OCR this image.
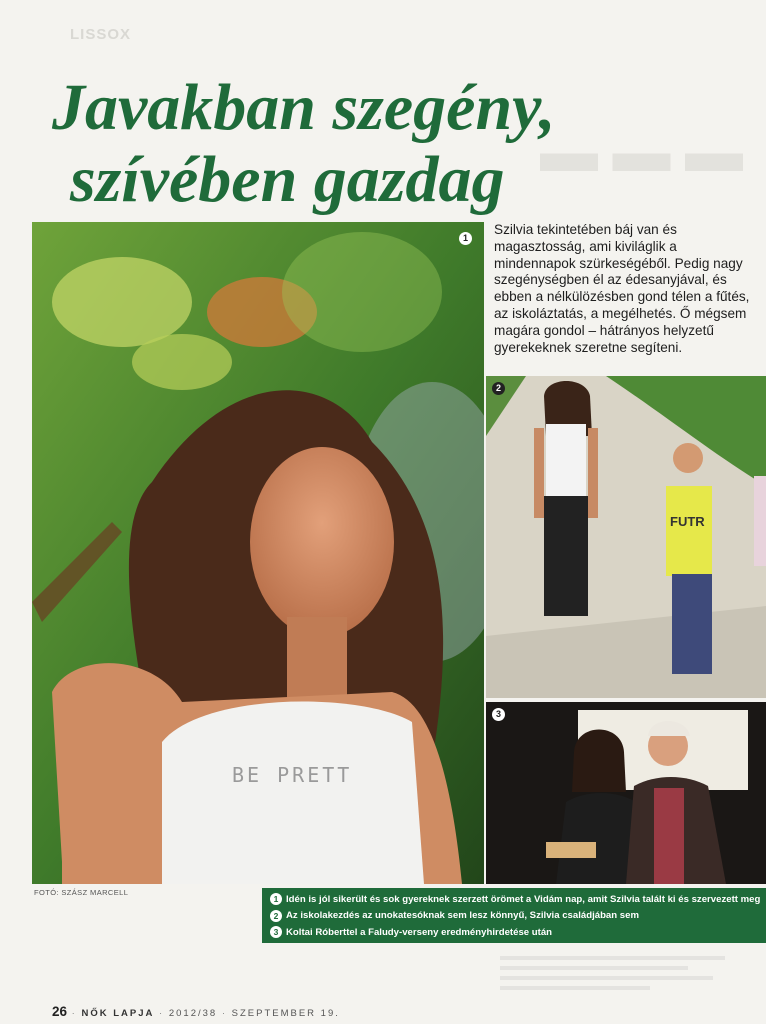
LISSOX
▬ ▬ ▬
Javakban szegény,
szívében gazdag
BE PRETT
1
Szilvia tekintetében báj van és
magasztosság, ami kiviláglik a
mindennapok szürkeségéből. Pedig nagy
szegénységben él az édesanyjával, és
ebben a nélkülözésben gond télen a fűtés,
az iskoláztatás, a megélhetés. Ő mégsem
magára gondol – hátrányos helyzetű
gyerekeknek szeretne segíteni.
FUTR
2
3
FOTÓ: SZÁSZ MARCELL
1 Idén is jól sikerült és sok gyereknek szerzett örömet a Vidám nap, amit Szilvia talált ki és szervezett meg
2 Az iskolakezdés az unokatesóknak sem lesz könnyű, Szilvia családjában sem
3 Koltai Róberttel a Faludy-verseny eredményhirdetése után
26 · NŐK LAPJA · 2012/38 · SZEPTEMBER 19.
